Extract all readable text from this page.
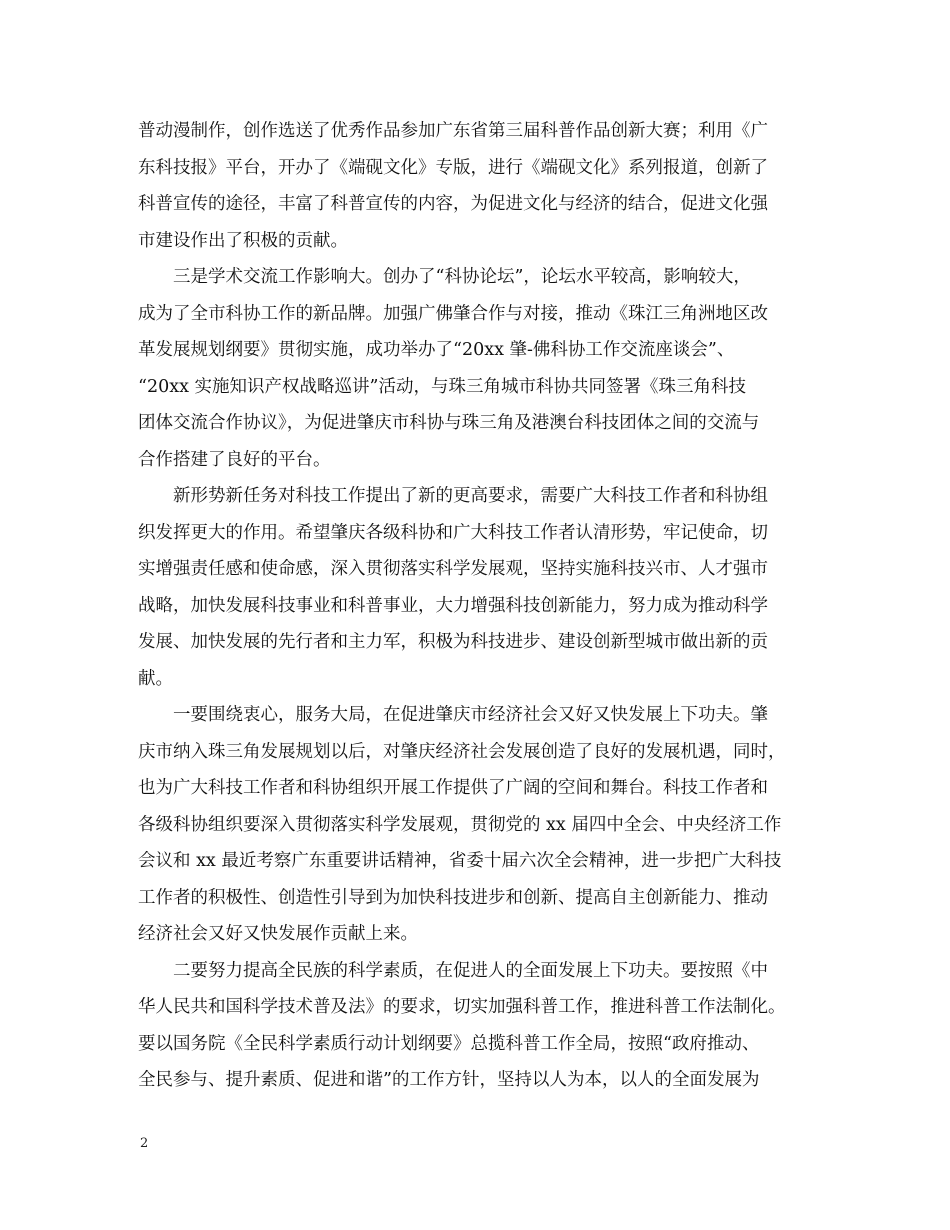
普动漫制作，创作选送了优秀作品参加广东省第三届科普作品创新大赛；利用《广
东科技报》平台，开办了《端砚文化》专版，进行《端砚文化》系列报道，创新了
科普宣传的途径，丰富了科普宣传的内容，为促进文化与经济的结合，促进文化强
市建设作出了积极的贡献。
　　三是学术交流工作影响大。创办了“科协论坛”，论坛水平较高，影响较大，
成为了全市科协工作的新品牌。加强广佛肇合作与对接，推动《珠江三角洲地区改
革发展规划纲要》贯彻实施，成功举办了“20xx 肇-佛科协工作交流座谈会”、
“20xx 实施知识产权战略巡讲”活动，与珠三角城市科协共同签署《珠三角科技
团体交流合作协议》，为促进肇庆市科协与珠三角及港澳台科技团体之间的交流与
合作搭建了良好的平台。
　　新形势新任务对科技工作提出了新的更高要求，需要广大科技工作者和科协组
织发挥更大的作用。希望肇庆各级科协和广大科技工作者认清形势，牢记使命，切
实增强责任感和使命感，深入贯彻落实科学发展观，坚持实施科技兴市、人才强市
战略，加快发展科技事业和科普事业，大力增强科技创新能力，努力成为推动科学
发展、加快发展的先行者和主力军，积极为科技进步、建设创新型城市做出新的贡
献。
　　一要围绕衷心，服务大局，在促进肇庆市经济社会又好又快发展上下功夫。肇
庆市纳入珠三角发展规划以后，对肇庆经济社会发展创造了良好的发展机遇，同时，
也为广大科技工作者和科协组织开展工作提供了广阔的空间和舞台。科技工作者和
各级科协组织要深入贯彻落实科学发展观，贯彻党的 xx 届四中全会、中央经济工作
会议和 xx 最近考察广东重要讲话精神，省委十届六次全会精神，进一步把广大科技
工作者的积极性、创造性引导到为加快科技进步和创新、提高自主创新能力、推动
经济社会又好又快发展作贡献上来。
　　二要努力提高全民族的科学素质，在促进人的全面发展上下功夫。要按照《中
华人民共和国科学技术普及法》的要求，切实加强科普工作，推进科普工作法制化。
要以国务院《全民科学素质行动计划纲要》总揽科普工作全局，按照“政府推动、
全民参与、提升素质、促进和谐”的工作方针，坚持以人为本，以人的全面发展为
2
